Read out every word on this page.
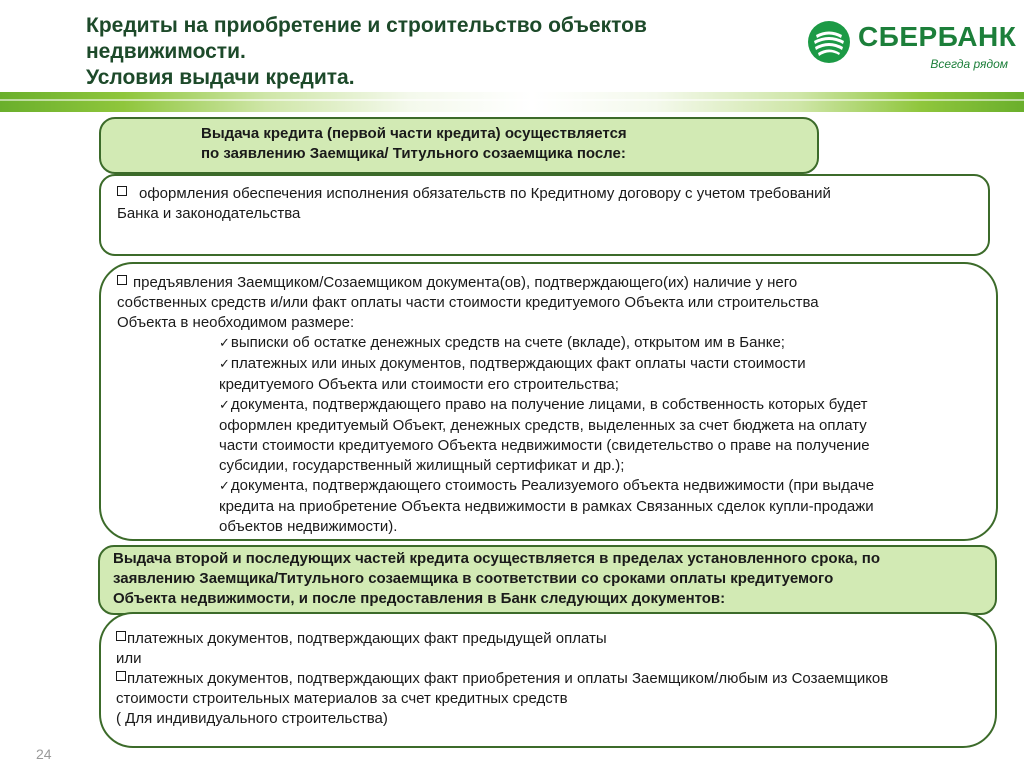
Кредиты на приобретение и строительство объектов
недвижимости.
Условия выдачи кредита.
СБЕРБАНК
Всегда рядом
Выдача кредита (первой части кредита) осуществляется
по заявлению Заемщика/ Титульного созаемщика после:
оформления обеспечения исполнения обязательств по Кредитному договору с учетом требований
Банка и законодательства
предъявления Заемщиком/Созаемщиком документа(ов), подтверждающего(их) наличие у него
собственных средств и/или факт оплаты части стоимости кредитуемого Объекта или строительства
Объекта в необходимом размере:
✓выписки об остатке денежных средств на счете (вкладе), открытом им в Банке;
✓платежных или иных документов, подтверждающих факт оплаты части стоимости
кредитуемого Объекта или стоимости его строительства;
✓документа, подтверждающего право на получение лицами, в собственность которых будет
оформлен кредитуемый Объект, денежных средств, выделенных за счет бюджета на оплату
части стоимости кредитуемого Объекта недвижимости (свидетельство о праве на получение
субсидии, государственный жилищный сертификат и др.);
✓документа, подтверждающего стоимость Реализуемого объекта недвижимости (при выдаче
кредита на приобретение Объекта недвижимости в рамках Связанных сделок купли-продажи
объектов недвижимости).
Выдача второй и последующих частей кредита осуществляется в пределах установленного срока, по
заявлению Заемщика/Титульного созаемщика в соответствии со сроками оплаты кредитуемого
Объекта недвижимости, и после предоставления в Банк следующих документов:
платежных документов, подтверждающих факт предыдущей оплаты
или
платежных документов, подтверждающих факт приобретения и оплаты Заемщиком/любым из Созаемщиков
стоимости строительных материалов за счет кредитных средств
( Для индивидуального строительства)
24
